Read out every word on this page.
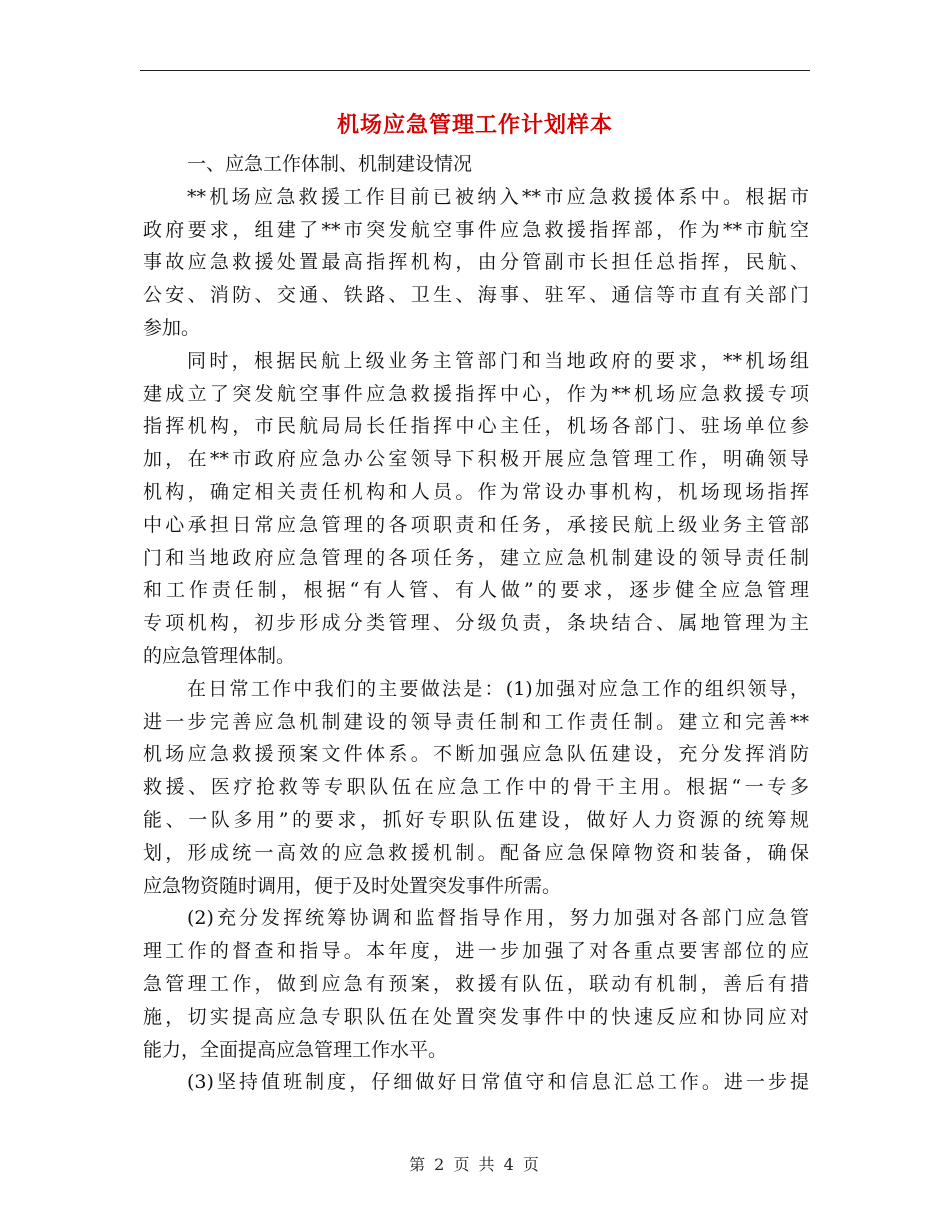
机场应急管理工作计划样本
一、应急工作体制、机制建设情况
**机场应急救援工作目前已被纳入**市应急救援体系中。根据市
政府要求，组建了**市突发航空事件应急救援指挥部，作为**市航空
事故应急救援处置最高指挥机构，由分管副市长担任总指挥，民航、
公安、消防、交通、铁路、卫生、海事、驻军、通信等市直有关部门
参加。
同时，根据民航上级业务主管部门和当地政府的要求，**机场组
建成立了突发航空事件应急救援指挥中心，作为**机场应急救援专项
指挥机构，市民航局局长任指挥中心主任，机场各部门、驻场单位参
加，在**市政府应急办公室领导下积极开展应急管理工作，明确领导
机构，确定相关责任机构和人员。作为常设办事机构，机场现场指挥
中心承担日常应急管理的各项职责和任务，承接民航上级业务主管部
门和当地政府应急管理的各项任务，建立应急机制建设的领导责任制
和工作责任制，根据“有人管、有人做”的要求，逐步健全应急管理
专项机构，初步形成分类管理、分级负责，条块结合、属地管理为主
的应急管理体制。
在日常工作中我们的主要做法是：(1)加强对应急工作的组织领导，
进一步完善应急机制建设的领导责任制和工作责任制。建立和完善**
机场应急救援预案文件体系。不断加强应急队伍建设，充分发挥消防
救援、医疗抢救等专职队伍在应急工作中的骨干主用。根据“一专多
能、一队多用”的要求，抓好专职队伍建设，做好人力资源的统筹规
划，形成统一高效的应急救援机制。配备应急保障物资和装备，确保
应急物资随时调用，便于及时处置突发事件所需。
(2)充分发挥统筹协调和监督指导作用，努力加强对各部门应急管
理工作的督查和指导。本年度，进一步加强了对各重点要害部位的应
急管理工作，做到应急有预案，救援有队伍，联动有机制，善后有措
施，切实提高应急专职队伍在处置突发事件中的快速反应和协同应对
能力，全面提高应急管理工作水平。
(3)坚持值班制度，仔细做好日常值守和信息汇总工作。进一步提
第 2 页 共 4 页
